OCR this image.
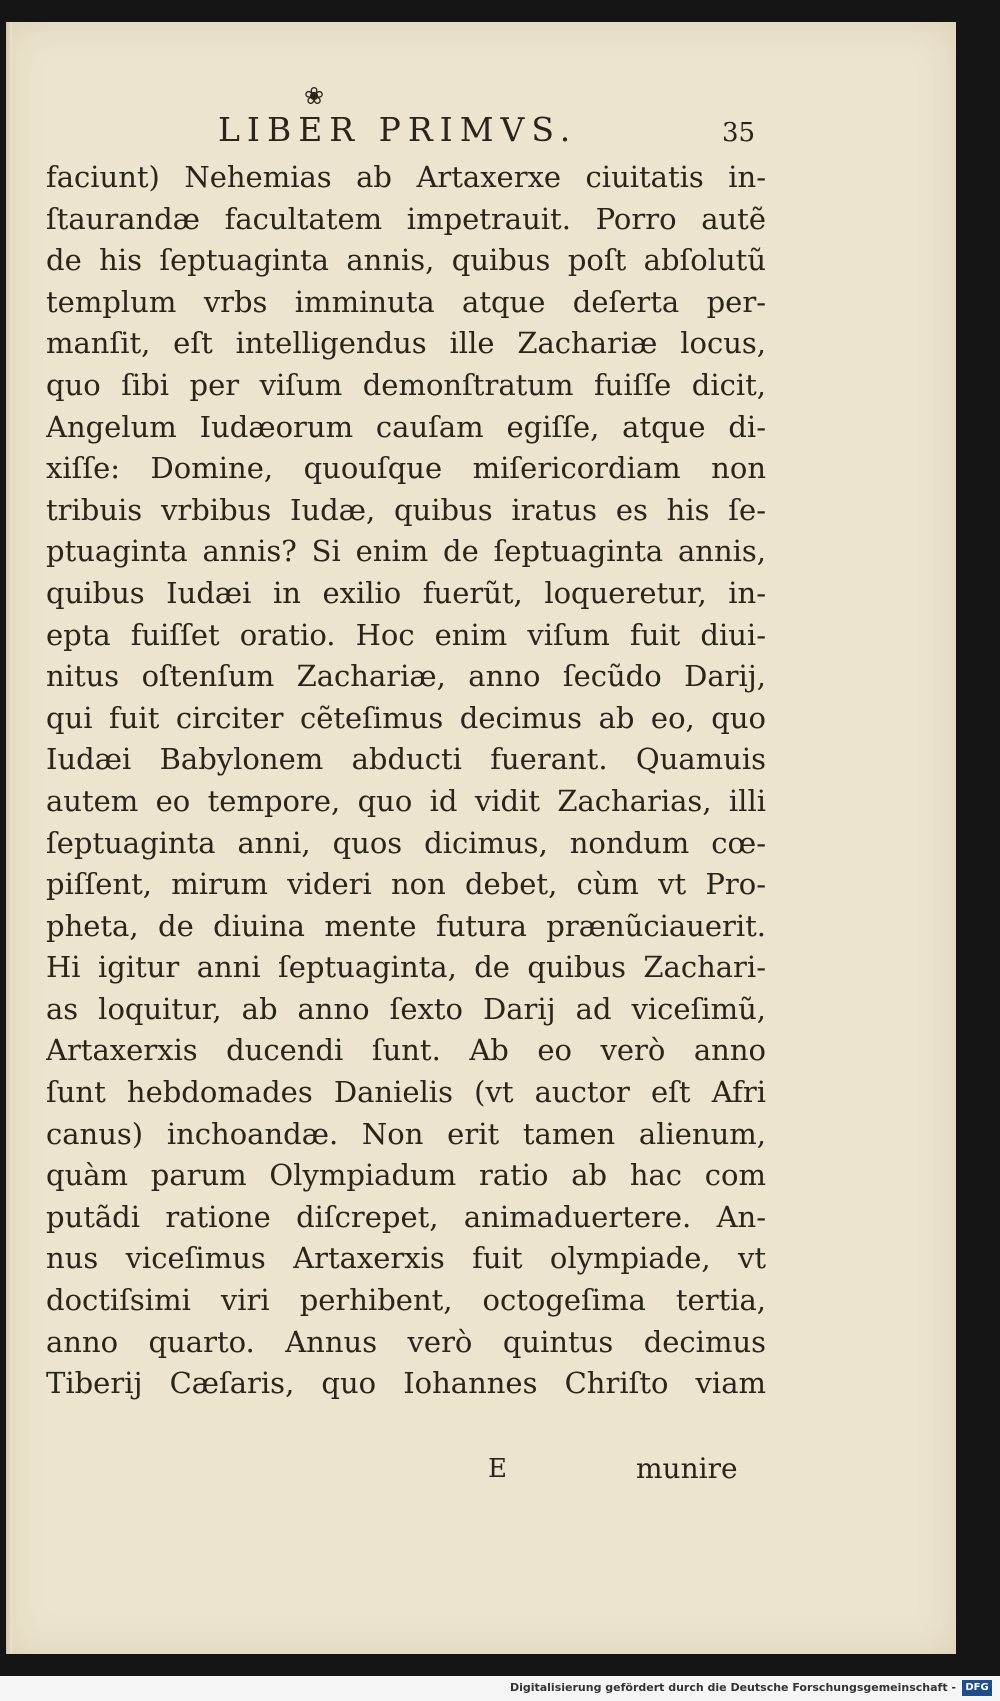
❀
LIBER PRIMVS.	35
faciunt) Nehemias ab Artaxerxe ciuitatis in-
ſtaurandæ facultatem impetrauit. Porro autẽ
de his ſeptuaginta annis, quibus poſt abſolutũ
templum vrbs imminuta atque deſerta per-
manſit, eſt intelligendus ille Zachariæ locus,
quo ſibi per viſum demonſtratum fuiſſe dicit,
Angelum Iudæorum cauſam egiſſe, atque di-
xiſſe: Domine, quouſque miſericordiam non
tribuis vrbibus Iudæ, quibus iratus es his ſe-
ptuaginta annis? Si enim de ſeptuaginta annis,
quibus Iudæi in exilio fuerũt, loqueretur, in-
epta fuiſſet oratio. Hoc enim viſum fuit diui-
nitus oſtenſum Zachariæ, anno ſecũdo Darij,
qui fuit circiter cẽteſimus decimus ab eo, quo
Iudæi Babylonem abducti fuerant. Quamuis
autem eo tempore, quo id vidit Zacharias, illi
ſeptuaginta anni, quos dicimus, nondum cœ-
piſſent, mirum videri non debet, cùm vt Pro-
pheta, de diuina mente futura prænũciauerit.
Hi igitur anni ſeptuaginta, de quibus Zachari-
as loquitur, ab anno ſexto Darij ad viceſimũ,
Artaxerxis ducendi ſunt. Ab eo verò anno
ſunt hebdomades Danielis (vt auctor eſt Afri
canus) inchoandæ. Non erit tamen alienum,
quàm parum Olympiadum ratio ab hac com
putãdi ratione diſcrepet, animaduertere. An-
nus viceſimus Artaxerxis fuit olympiade, vt
doctiſsimi viri perhibent, octogeſima tertia,
anno quarto. Annus verò quintus decimus
Tiberij Cæſaris, quo Iohannes Chriſto viam
E	munire
Digitalisierung gefördert durch die Deutsche Forschungsgemeinschaft - DFG
